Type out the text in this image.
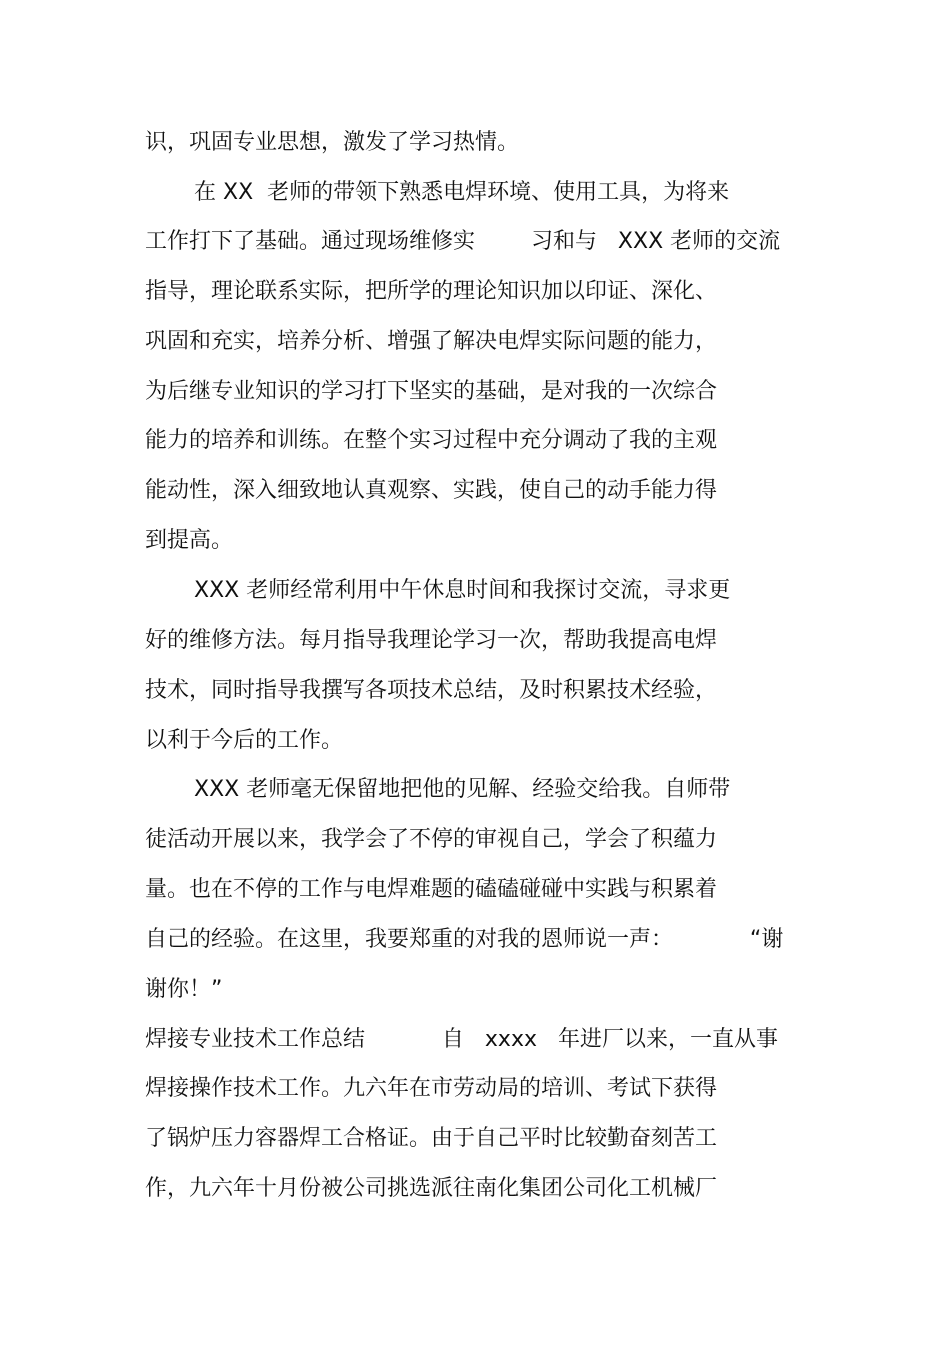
识，巩固专业思想，激发了学习热情。
在 XX  老师的带领下熟悉电焊环境、使用工具，为将来
工作打下了基础。通过现场维修实        习和与   XXX 老师的交流
指导，理论联系实际，把所学的理论知识加以印证、深化、
巩固和充实，培养分析、增强了解决电焊实际问题的能力，
为后继专业知识的学习打下坚实的基础，是对我的一次综合
能力的培养和训练。在整个实习过程中充分调动了我的主观
能动性，深入细致地认真观察、实践，使自己的动手能力得
到提高。
XXX 老师经常利用中午休息时间和我探讨交流，寻求更
好的维修方法。每月指导我理论学习一次，帮助我提高电焊
技术，同时指导我撰写各项技术总结，及时积累技术经验，
以利于今后的工作。
XXX 老师毫无保留地把他的见解、经验交给我。自师带
徒活动开展以来，我学会了不停的审视自己，学会了积蕴力
量。也在不停的工作与电焊难题的磕磕碰碰中实践与积累着
自己的经验。在这里，我要郑重的对我的恩师说一声：           “谢
谢你！”
焊接专业技术工作总结           自   xxxx   年进厂以来，一直从事
焊接操作技术工作。九六年在市劳动局的培训、考试下获得
了锅炉压力容器焊工合格证。由于自己平时比较勤奋刻苦工
作，九六年十月份被公司挑选派往南化集团公司化工机械厂
